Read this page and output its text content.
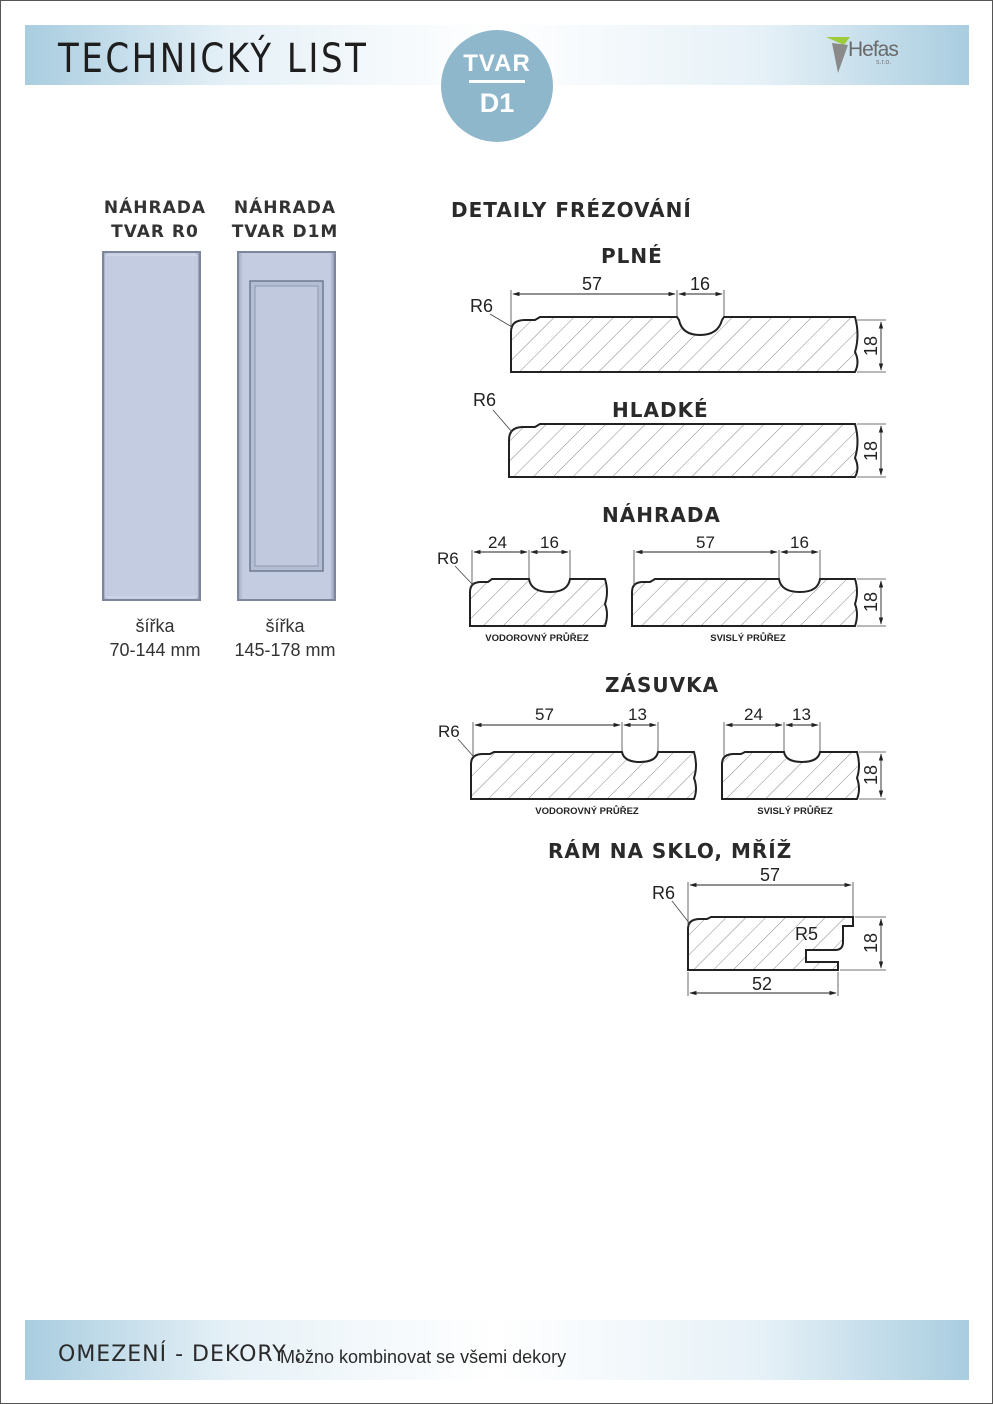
TECHNICKÝ LIST	TVAR
D1
Hefas
s.r.o.
NÁHRADA
TVAR R0
NÁHRADA
TVAR D1M
šířka
70-144 mm
šířka
145-178 mm
DETAILY FRÉZOVÁNÍ
PLNÉ
HLADKÉ
NÁHRADA
ZÁSUVKA
RÁM NA SKLO, MŘÍŽ
R6
57	16
18
R6
18
R6
24 16
VODOROVNÝ PRŮŘEZ
57	16
18
SVISLÝ PRŮŘEZ
R6
57	13
VODOROVNÝ PRŮŘEZ
24 13
18
SVISLÝ PRŮŘEZ
R6
R5
57
52
18
OMEZENÍ - DEKORY :
Možno kombinovat se všemi dekory
